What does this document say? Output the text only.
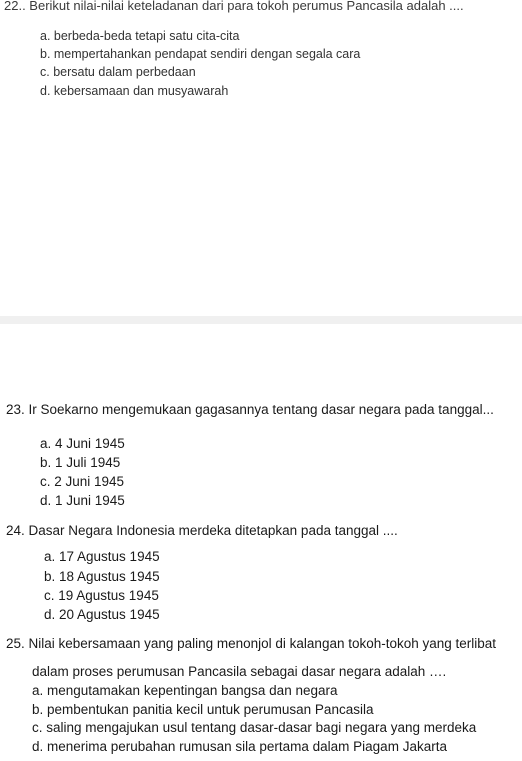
22.. Berikut nilai-nilai keteladanan dari para tokoh perumus Pancasila adalah ....
a. berbeda-beda tetapi satu cita-cita
b. mempertahankan pendapat sendiri dengan segala cara
c. bersatu dalam perbedaan
d. kebersamaan dan musyawarah
23. Ir Soekarno mengemukaan gagasannya tentang dasar negara pada tanggal...
a. 4 Juni 1945
b. 1 Juli 1945
c. 2 Juni 1945
d. 1 Juni 1945
24. Dasar Negara Indonesia merdeka ditetapkan pada tanggal ....
a. 17 Agustus 1945
b. 18 Agustus 1945
c. 19 Agustus 1945
d. 20 Agustus 1945
25. Nilai kebersamaan yang paling menonjol di kalangan tokoh-tokoh yang terlibat
dalam proses perumusan Pancasila sebagai dasar negara adalah ….
a. mengutamakan kepentingan bangsa dan negara
b. pembentukan panitia kecil untuk perumusan Pancasila
c. saling mengajukan usul tentang dasar-dasar bagi negara yang merdeka
d. menerima perubahan rumusan sila pertama dalam Piagam Jakarta
